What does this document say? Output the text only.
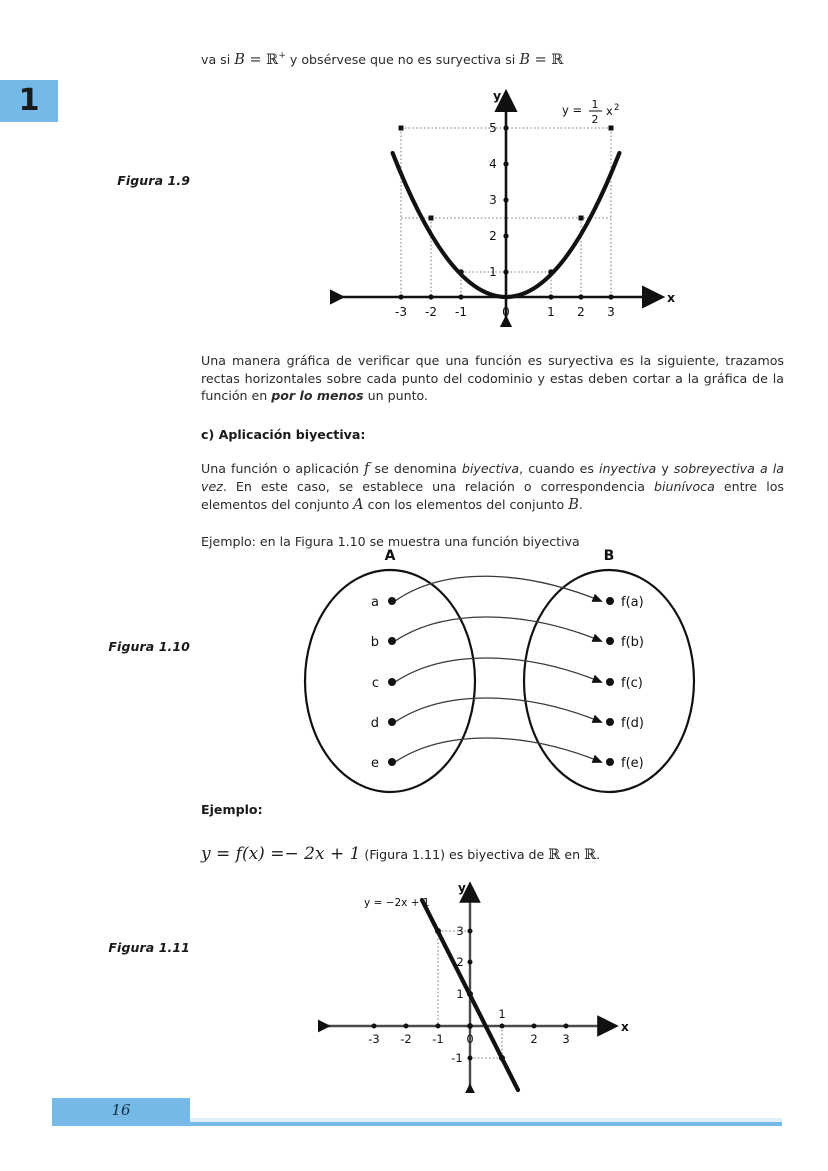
1

va si B = ℝ+ y obsérvese que no es suryectiva si B = ℝ

Figura 1.9
-3 -2 -1	0	1 2 3
1
2
3
4
5
x
y
y = 1
2
x 2

Una manera gráfica de verificar que una función es suryectiva es la siguiente, trazamos rectas horizontales sobre cada punto del codominio y estas deben cortar a la gráfica de la función en por lo menos un punto.

c) Aplicación biyectiva:

Una función o aplicación f se denomina biyectiva, cuando es inyectiva y sobreyectiva a la vez. En este caso, se establece una relación o correspondencia biunívoca entre los elementos del conjunto A con los elementos del conjunto B.

Ejemplo: en la Figura 1.10 se muestra una función biyectiva

Figura 1.10
A	B
a
b
c
d
e
f(a)
f(b)
f(c)
f(d)
f(e)
Ejemplo:

y = f(x) =− 2x + 1 (Figura 1.11) es biyectiva de ℝ en ℝ.

Figura 1.11
-3 -2 -1 0
1
2 3
1
2
3
-1
x
y
y = −2x + 1
16
